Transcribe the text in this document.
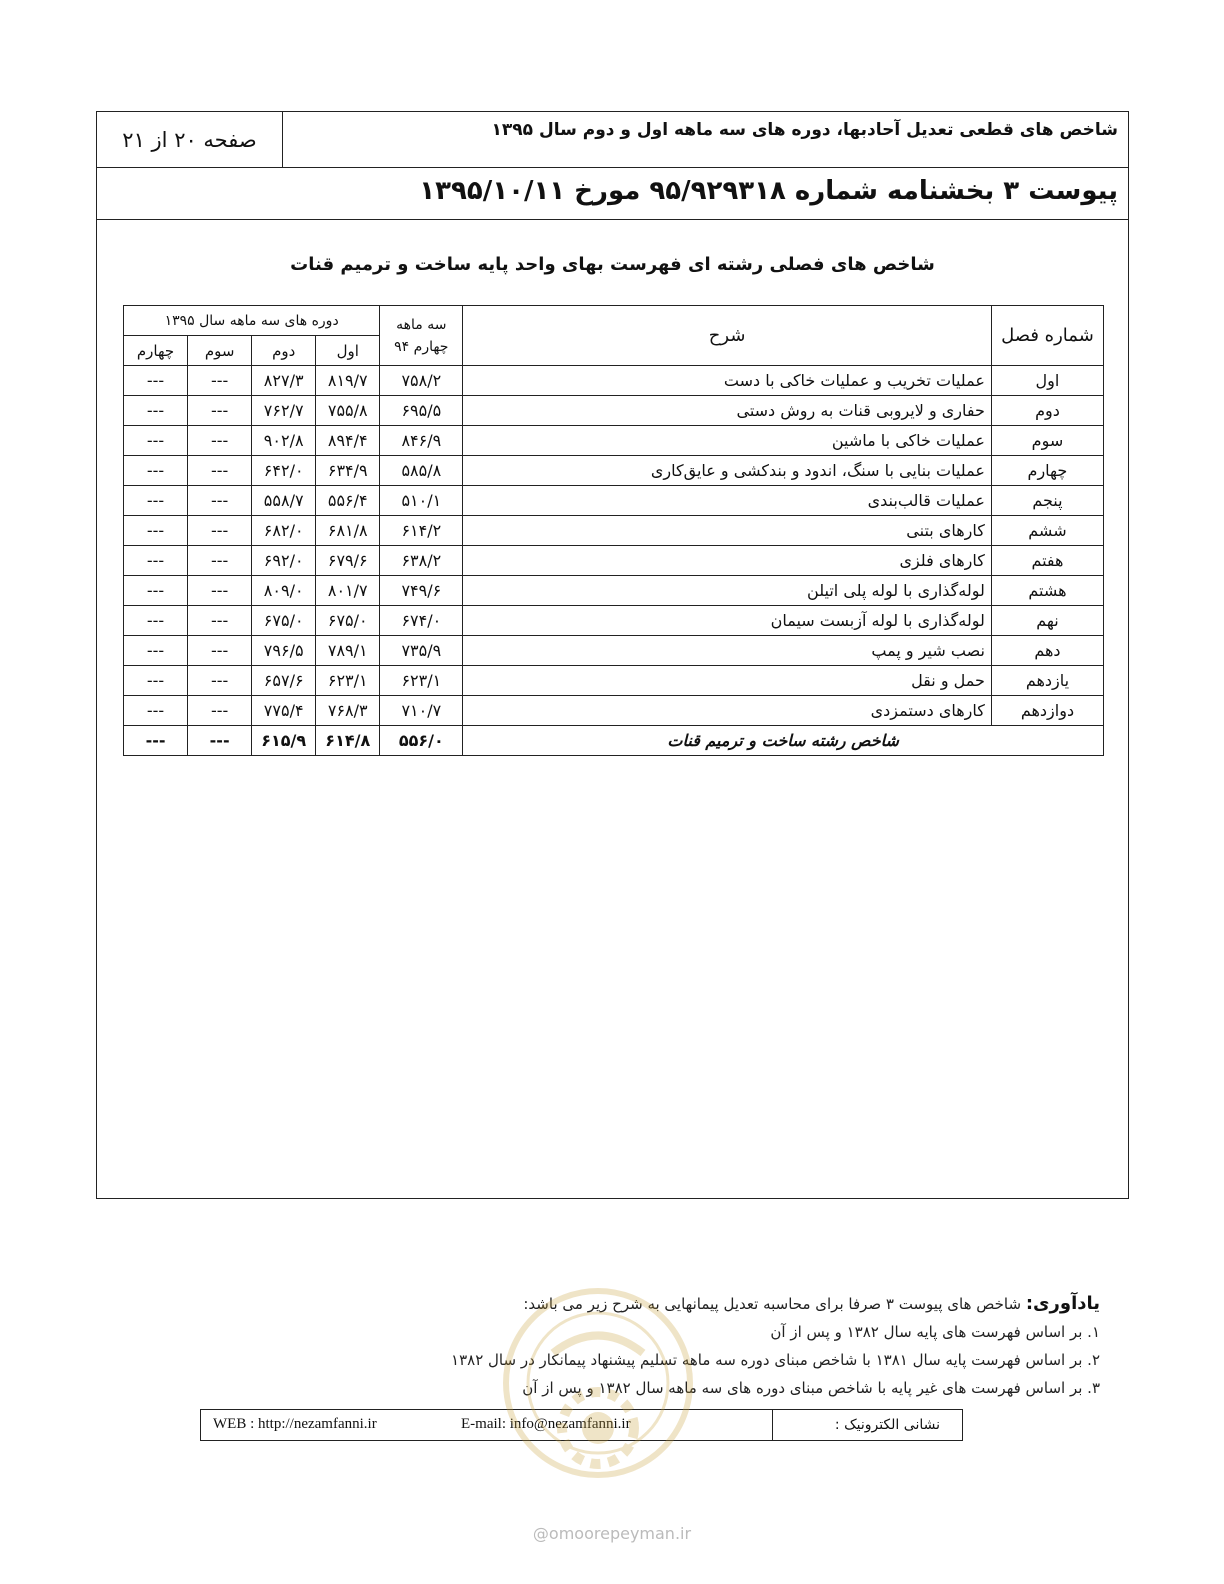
صفحه ۲۰ از ۲۱	شاخص های قطعی تعدیل آحادبها، دوره های سه ماهه اول و دوم سال ۱۳۹۵
پیوست ۳ بخشنامه شماره ۹۵/۹۲۹۳۱۸ مورخ ۱۳۹۵/۱۰/۱۱
شاخص های فصلی رشته ای فهرست بهای واحد پایه ساخت و ترمیم قنات
شماره فصل	شرح	سه ماهه
چهارم ۹۴	دوره های سه ماهه سال ۱۳۹۵			
			اول	دوم	سوم	چهارم
اول	عملیات تخریب و عملیات خاکی با دست	۷۵۸/۲	۸۱۹/۷	۸۲۷/۳	---	---
دوم	حفاری و لایروبی قنات به روش دستی	۶۹۵/۵	۷۵۵/۸	۷۶۲/۷	---	---
سوم	عملیات خاکی با ماشین	۸۴۶/۹	۸۹۴/۴	۹۰۲/۸	---	---
چهارم	عملیات بنایی با سنگ، اندود و بندکشی و عایق‌کاری	۵۸۵/۸	۶۳۴/۹	۶۴۲/۰	---	---
پنجم	عملیات قالب‌بندی	۵۱۰/۱	۵۵۶/۴	۵۵۸/۷	---	---
ششم	کارهای بتنی	۶۱۴/۲	۶۸۱/۸	۶۸۲/۰	---	---
هفتم	کارهای فلزی	۶۳۸/۲	۶۷۹/۶	۶۹۲/۰	---	---
هشتم	لوله‌گذاری با لوله پلی اتیلن	۷۴۹/۶	۸۰۱/۷	۸۰۹/۰	---	---
نهم	لوله‌گذاری با لوله آزبست سیمان	۶۷۴/۰	۶۷۵/۰	۶۷۵/۰	---	---
دهم	نصب شیر و پمپ	۷۳۵/۹	۷۸۹/۱	۷۹۶/۵	---	---
یازدهم	حمل و نقل	۶۲۳/۱	۶۲۳/۱	۶۵۷/۶	---	---
دوازدهم	کارهای دستمزدی	۷۱۰/۷	۷۶۸/۳	۷۷۵/۴	---	---
شاخص رشته ساخت و ترمیم قنات		۵۵۶/۰	۶۱۴/۸	۶۱۵/۹	---	---
یادآوری: شاخص های پیوست ۳ صرفا برای محاسبه تعدیل پیمانهایی به شرح زیر می باشد:
۱. بر اساس فهرست های پایه سال ۱۳۸۲ و پس از آن
۲. بر اساس فهرست پایه سال ۱۳۸۱ با شاخص مبنای دوره سه ماهه تسلیم پیشنهاد پیمانکار در سال ۱۳۸۲
۳. بر اساس فهرست های غیر پایه با شاخص مبنای دوره های سه ماهه سال ۱۳۸۲ و پس از آن
نشانی الکترونیک :
E-mail: info@nezamfanni.ir
WEB : http://nezamfanni.ir
@omoorepeyman.ir
